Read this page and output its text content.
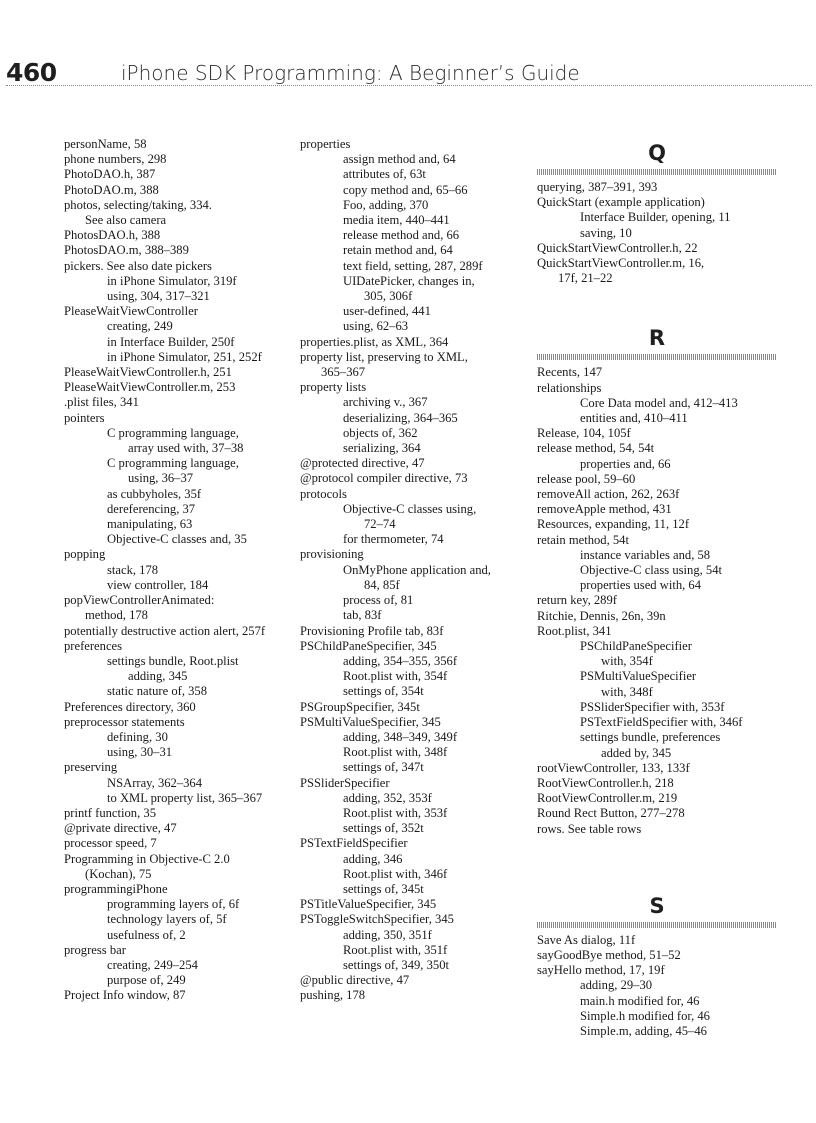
460	iPhone SDK Programming: A Beginner’s Guide
personName, 58
phone numbers, 298
PhotoDAO.h, 387
PhotoDAO.m, 388
photos, selecting/taking, 334.
See also camera
PhotosDAO.h, 388
PhotosDAO.m, 388–389
pickers. See also date pickers
in iPhone Simulator, 319f
using, 304, 317–321
PleaseWaitViewController
creating, 249
in Interface Builder, 250f
in iPhone Simulator, 251, 252f
PleaseWaitViewController.h, 251
PleaseWaitViewController.m, 253
.plist files, 341
pointers
C programming language,
array used with, 37–38
C programming language,
using, 36–37
as cubbyholes, 35f
dereferencing, 37
manipulating, 63
Objective-C classes and, 35
popping
stack, 178
view controller, 184
popViewControllerAnimated:
method, 178
potentially destructive action alert, 257f
preferences
settings bundle, Root.plist
adding, 345
static nature of, 358
Preferences directory, 360
preprocessor statements
defining, 30
using, 30–31
preserving
NSArray, 362–364
to XML property list, 365–367
printf function, 35
@private directive, 47
processor speed, 7
Programming in Objective-C 2.0
(Kochan), 75
programmingiPhone
programming layers of, 6f
technology layers of, 5f
usefulness of, 2
progress bar
creating, 249–254
purpose of, 249
Project Info window, 87
properties
assign method and, 64
attributes of, 63t
copy method and, 65–66
Foo, adding, 370
media item, 440–441
release method and, 66
retain method and, 64
text field, setting, 287, 289f
UIDatePicker, changes in,
305, 306f
user-defined, 441
using, 62–63
properties.plist, as XML, 364
property list, preserving to XML,
365–367
property lists
archiving v., 367
deserializing, 364–365
objects of, 362
serializing, 364
@protected directive, 47
@protocol compiler directive, 73
protocols
Objective-C classes using,
72–74
for thermometer, 74
provisioning
OnMyPhone application and,
84, 85f
process of, 81
tab, 83f
Provisioning Profile tab, 83f
PSChildPaneSpecifier, 345
adding, 354–355, 356f
Root.plist with, 354f
settings of, 354t
PSGroupSpecifier, 345t
PSMultiValueSpecifier, 345
adding, 348–349, 349f
Root.plist with, 348f
settings of, 347t
PSSliderSpecifier
adding, 352, 353f
Root.plist with, 353f
settings of, 352t
PSTextFieldSpecifier
adding, 346
Root.plist with, 346f
settings of, 345t
PSTitleValueSpecifier, 345
PSToggleSwitchSpecifier, 345
adding, 350, 351f
Root.plist with, 351f
settings of, 349, 350t
@public directive, 47
pushing, 178
Q
querying, 387–391, 393
QuickStart (example application)
Interface Builder, opening, 11
saving, 10
QuickStartViewController.h, 22
QuickStartViewController.m, 16,
17f, 21–22
R
Recents, 147
relationships
Core Data model and, 412–413
entities and, 410–411
Release, 104, 105f
release method, 54, 54t
properties and, 66
release pool, 59–60
removeAll action, 262, 263f
removeApple method, 431
Resources, expanding, 11, 12f
retain method, 54t
instance variables and, 58
Objective-C class using, 54t
properties used with, 64
return key, 289f
Ritchie, Dennis, 26n, 39n
Root.plist, 341
PSChildPaneSpecifier
with, 354f
PSMultiValueSpecifier
with, 348f
PSSliderSpecifier with, 353f
PSTextFieldSpecifier with, 346f
settings bundle, preferences
added by, 345
rootViewController, 133, 133f
RootViewController.h, 218
RootViewController.m, 219
Round Rect Button, 277–278
rows. See table rows
S
Save As dialog, 11f
sayGoodBye method, 51–52
sayHello method, 17, 19f
adding, 29–30
main.h modified for, 46
Simple.h modified for, 46
Simple.m, adding, 45–46
